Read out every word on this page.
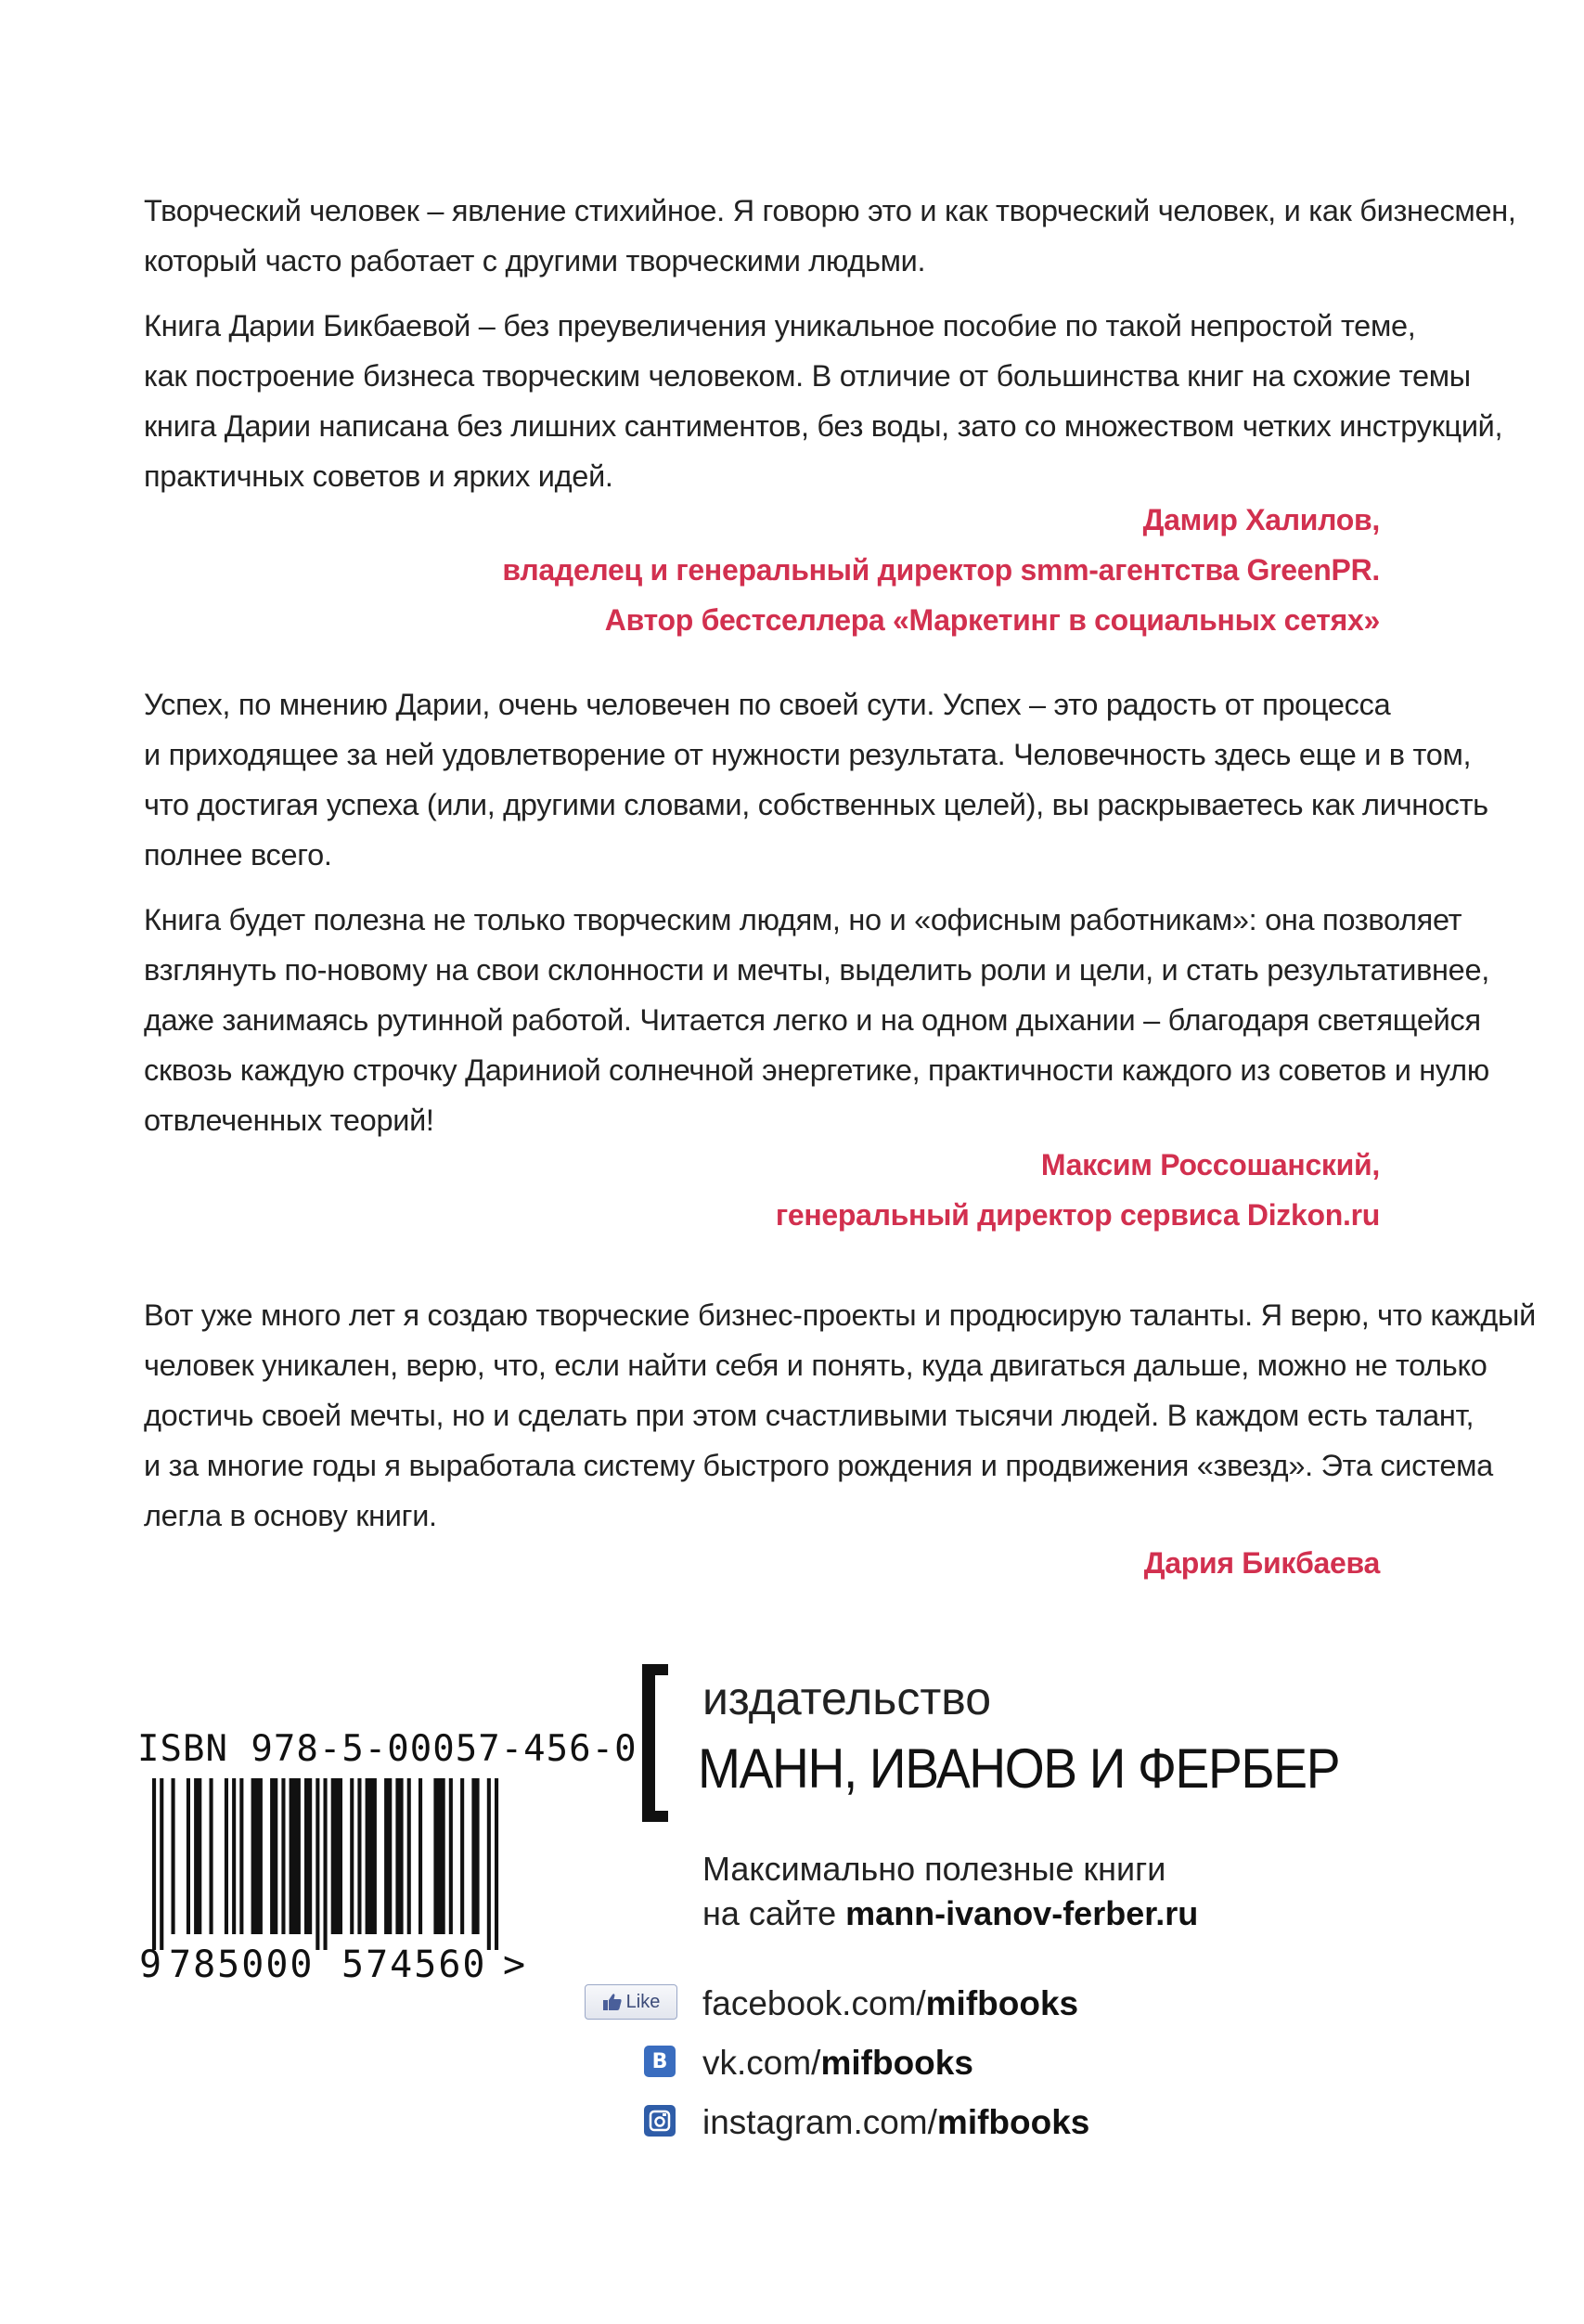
Творческий человек – явление стихийное. Я говорю это и как творческий человек, и как бизнесмен,
который часто работает с другими творческими людьми.

Книга Дарии Бикбаевой – без преувеличения уникальное пособие по такой непростой теме,
как построение бизнеса творческим человеком. В отличие от большинства книг на схожие темы
книга Дарии написана без лишних сантиментов, без воды, зато со множеством четких инструкций,
практичных советов и ярких идей.

Дамир Халилов,
владелец и генеральный директор smm-агентства GreenPR.
Автор бестселлера «Маркетинг в социальных сетях»

Успех, по мнению Дарии, очень человечен по своей сути. Успех – это радость от процесса
и приходящее за ней удовлетворение от нужности результата. Человечность здесь еще и в том,
что достигая успеха (или, другими словами, собственных целей), вы раскрываетесь как личность
полнее всего.

Книга будет полезна не только творческим людям, но и «офисным работникам»: она позволяет
взглянуть по-новому на свои склонности и мечты, выделить роли и цели, и стать результативнее,
даже занимаясь рутинной работой. Читается легко и на одном дыхании – благодаря светящейся
сквозь каждую строчку Дариниой солнечной энергетике, практичности каждого из советов и нулю
отвлеченных теорий!

Максим Россошанский,
генеральный директор сервиса Dizkon.ru

Вот уже много лет я создаю творческие бизнес-проекты и продюсирую таланты. Я верю, что каждый
человек уникален, верю, что, если найти себя и понять, куда двигаться дальше, можно не только
достичь своей мечты, но и сделать при этом счастливыми тысячи людей. В каждом есть талант,
и за многие годы я выработала систему быстрого рождения и продвижения «звезд». Эта система
легла в основу книги.

Дария Бикбаева
ISBN 978-5-00057-456-0
9 785000 574560 >
издательство
МАНН, ИВАНОВ И ФЕРБЕР
Максимально полезные книги
на сайте mann-ivanov-ferber.ru
Like facebook.com/mifbooks
B vk.com/mifbooks
instagram.com/mifbooks
